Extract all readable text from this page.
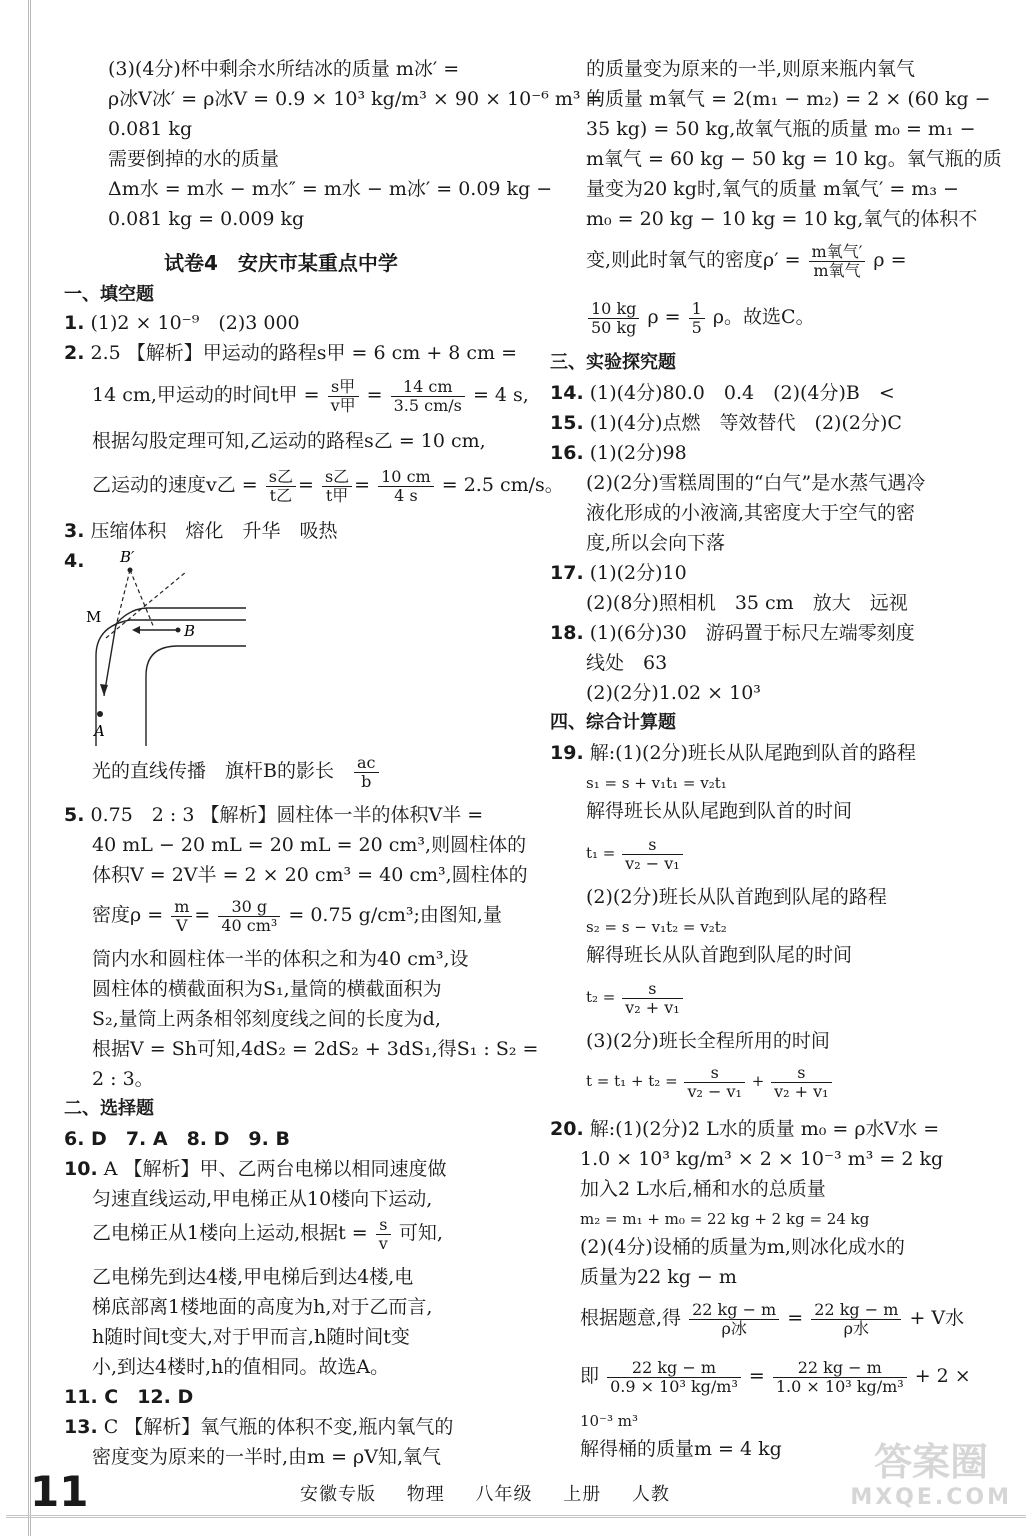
(3)(4分)杯中剩余水所结冰的质量 m冰′ =
ρ冰V冰′ = ρ冰V = 0.9 × 10³ kg/m³ × 90 × 10⁻⁶ m³ =
0.081 kg
需要倒掉的水的质量
Δm水 = m水 − m水″ = m水 − m冰′ = 0.09 kg −
0.081 kg = 0.009 kg
试卷4　安庆市某重点中学
一、填空题
1. (1)2 × 10⁻⁹　(2)3 000
2. 2.5 【解析】甲运动的路程s甲 = 6 cm + 8 cm =
14 cm,甲运动的时间t甲 = $\frac{\text{s甲}}{\text{v甲}} = \frac{14 cm}{3.5 cm/s} = 4$ s,
根据勾股定理可知,乙运动的路程s乙 = 10 cm,
乙运动的速度v乙 = $\frac{\text{s乙}}{\text{t乙}} = \frac{\text{s乙}}{\text{t甲}} = \frac{10 cm}{4 s} = 2.5$ cm/s。
3. 压缩体积　熔化　升华　吸热
4. B′
M
B
A
光的直线传播　旗杆B的影长 $\frac{ac}{b}$
5. 0.75　2 : 3 【解析】圆柱体一半的体积V半 =
40 mL − 20 mL = 20 mL = 20 cm³,则圆柱体的
体积V = 2V半 = 2 × 20 cm³ = 40 cm³,圆柱体的
密度$\rho = \frac{m}{V} = \frac{30 g}{\text{40 cm³}} = 0.75$ g/cm³;由图知,量
筒内水和圆柱体一半的体积之和为40 cm³,设
圆柱体的横截面积为S₁,量筒的横截面积为
S₂,量筒上两条相邻刻度线之间的长度为d,
根据V = Sh可知,4dS₂ = 2dS₂ + 3dS₁,得S₁ : S₂ =
2 : 3。
二、选择题
6. D　7. A　8. D　9. B
10. A 【解析】甲、乙两台电梯以相同速度做
匀速直线运动,甲电梯正从10楼向下运动,
乙电梯正从1楼向上运动,根据$t = \frac{s}{v}$ 可知,
乙电梯先到达4楼,甲电梯后到达4楼,电
梯底部离1楼地面的高度为h,对于乙而言,
h随时间t变大,对于甲而言,h随时间t变
小,到达4楼时,h的值相同。故选A。
11. C　12. D
13. C 【解析】氧气瓶的体积不变,瓶内氧气的
密度变为原来的一半时,由m = ρV知,氧气
的质量变为原来的一半,则原来瓶内氧气
的质量 m氧气 = 2(m₁ − m₂) = 2 × (60 kg −
35 kg) = 50 kg,故氧气瓶的质量 m₀ = m₁ −
m氧气 = 60 kg − 50 kg = 10 kg。氧气瓶的质
量变为20 kg时,氧气的质量 m氧气′ = m₃ −
m₀ = 20 kg − 10 kg = 10 kg,氧气的体积不
变,则此时氧气的密度$\rho' = \frac{\text{m氧气′}}{\text{m氧气}}$ ρ =
$\frac{10 kg}{50 kg}$ $\rho = \frac{1}{5}$ ρ。故选C。
三、实验探究题
14. (1)(4分)80.0　0.4　(2)(4分)B　<
15. (1)(4分)点燃　等效替代　(2)(2分)C
16. (1)(2分)98
(2)(2分)雪糕周围的“白气”是水蒸气遇冷
液化形成的小液滴,其密度大于空气的密
度,所以会向下落
17. (1)(2分)10
(2)(8分)照相机　35 cm　放大　远视
18. (1)(6分)30　游码置于标尺左端零刻度
线处　63
(2)(2分)1.02 × 10³
四、综合计算题
19. 解:(1)(2分)班长从队尾跑到队首的路程
s₁ = s + v₁t₁ = v₂t₁
解得班长从队尾跑到队首的时间
$t_1 = \frac{s}{\text{v₂ − v₁}}$
(2)(2分)班长从队首跑到队尾的路程
s₂ = s − v₁t₂ = v₂t₂
解得班长从队首跑到队尾的时间
$t_2 = \frac{s}{\text{v₂ + v₁}}$
(3)(2分)班长全程所用的时间
$t = t_1 + t_2 = \frac{s}{\text{v₂ − v₁}} + \frac{s}{\text{v₂ + v₁}}$
20. 解:(1)(2分)2 L水的质量 m₀ = ρ水V水 =
1.0 × 10³ kg/m³ × 2 × 10⁻³ m³ = 2 kg
加入2 L水后,桶和水的总质量
m₂ = m₁ + m₀ = 22 kg + 2 kg = 24 kg
(2)(4分)设桶的质量为m,则冰化成水的
质量为22 kg − m
根据题意,得 $\frac{22 kg - m}{\text{ρ冰}} = \frac{22 kg - m}{\text{ρ水}} + V$水
即 $\frac{22 kg - m}{\text{0.9 × 10³ kg/m³}} = \frac{22 kg - m}{\text{1.0 × 10³ kg/m³}} + 2$ ×
10⁻³ m³
解得桶的质量m = 4 kg
11	安徽专版 物理 八年级 上册 人教
答案圈
MXQE.COM
